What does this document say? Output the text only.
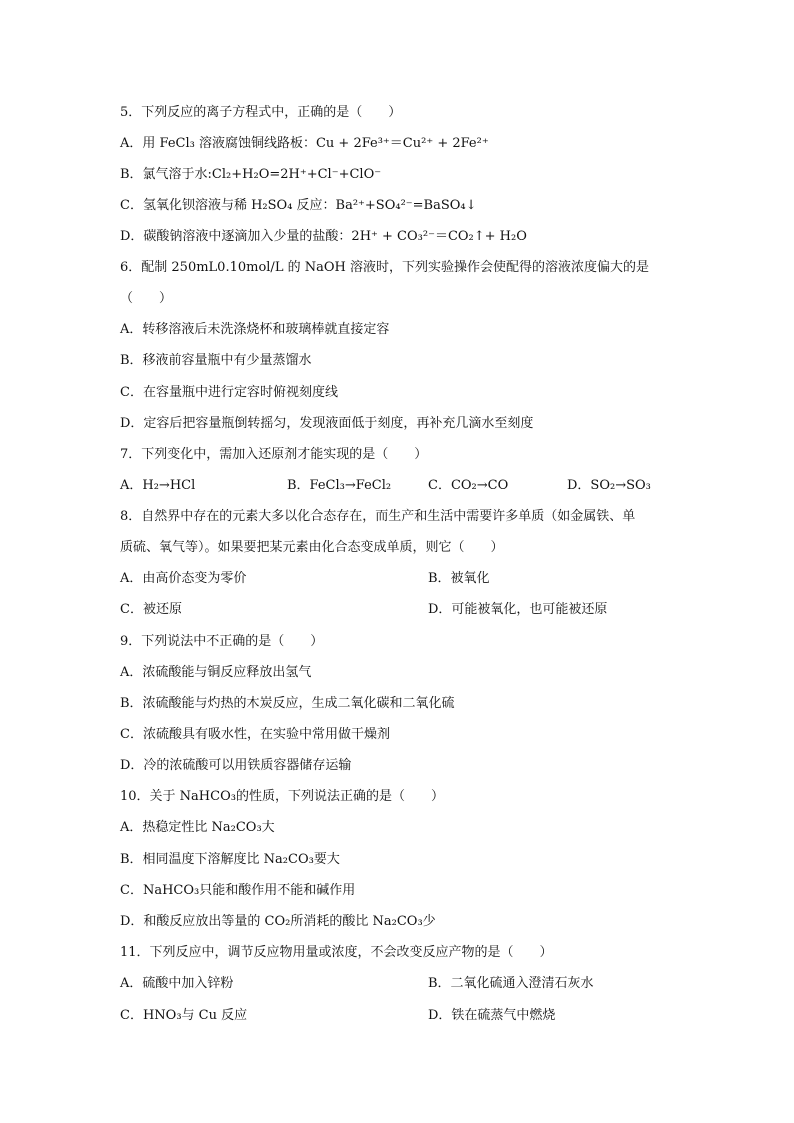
5．下列反应的离子方程式中，正确的是（　　）
A．用 FeCl₃ 溶液腐蚀铜线路板：Cu + 2Fe³⁺＝Cu²⁺ + 2Fe²⁺
B．氯气溶于水:Cl₂+H₂O=2H⁺+Cl⁻+ClO⁻
C．氢氧化钡溶液与稀 H₂SO₄ 反应：Ba²⁺+SO₄²⁻=BaSO₄↓
D．碳酸钠溶液中逐滴加入少量的盐酸：2H⁺ + CO₃²⁻＝CO₂↑+ H₂O
6．配制 250mL0.10mol/L 的 NaOH 溶液时，下列实验操作会使配得的溶液浓度偏大的是
（　　）
A．转移溶液后未洗涤烧杯和玻璃棒就直接定容
B．移液前容量瓶中有少量蒸馏水
C．在容量瓶中进行定容时俯视刻度线
D．定容后把容量瓶倒转摇匀，发现液面低于刻度，再补充几滴水至刻度
7．下列变化中，需加入还原剂才能实现的是（　　）
A．H₂→HCl	B．FeCl₃→FeCl₂	C．CO₂→CO	D．SO₂→SO₃
8．自然界中存在的元素大多以化合态存在，而生产和生活中需要许多单质（如金属铁、单
质硫、氧气等）。如果要把某元素由化合态变成单质，则它（　　）
A．由高价态变为零价	B．被氧化
C．被还原	D．可能被氧化，也可能被还原
9．下列说法中不正确的是（　　）
A．浓硫酸能与铜反应释放出氢气
B．浓硫酸能与灼热的木炭反应，生成二氧化碳和二氧化硫
C．浓硫酸具有吸水性，在实验中常用做干燥剂
D．冷的浓硫酸可以用铁质容器储存运输
10．关于 NaHCO₃的性质，下列说法正确的是（　　）
A．热稳定性比 Na₂CO₃大
B．相同温度下溶解度比 Na₂CO₃要大
C．NaHCO₃只能和酸作用不能和碱作用
D．和酸反应放出等量的 CO₂所消耗的酸比 Na₂CO₃少
11．下列反应中，调节反应物用量或浓度，不会改变反应产物的是（　　）
A．硫酸中加入锌粉	B．二氧化硫通入澄清石灰水
C．HNO₃与 Cu 反应	D．铁在硫蒸气中燃烧
